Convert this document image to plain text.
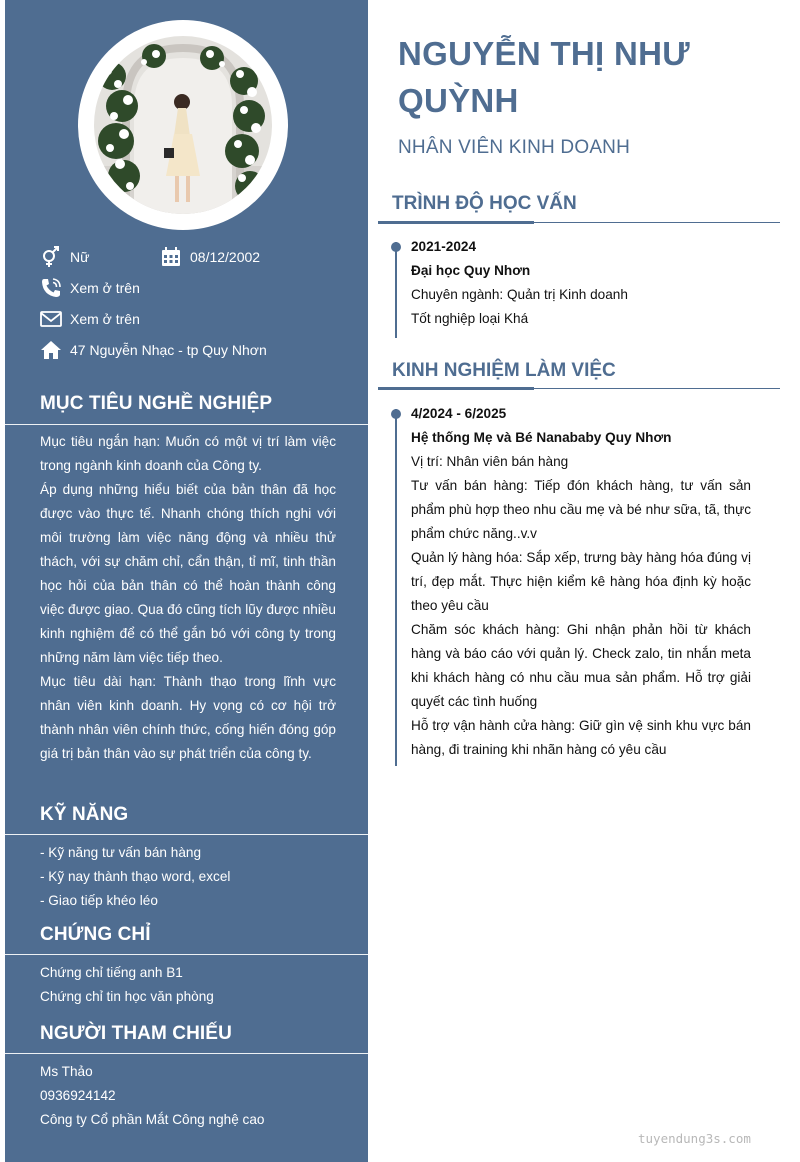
Nữ	08/12/2002
Xem ở trên
Xem ở trên
47 Nguyễn Nhạc - tp Quy Nhơn
MỤC TIÊU NGHỀ NGHIỆP

Mục tiêu ngắn hạn: Muốn có một vị trí làm việc trong ngành kinh doanh của Công ty.

Áp dụng những hiểu biết của bản thân đã học được vào thực tế. Nhanh chóng thích nghi với môi trường làm việc năng động và nhiều thử thách, với sự chăm chỉ, cẩn thận, tỉ mĩ, tinh thần học hỏi của bản thân có thể hoàn thành công việc được giao. Qua đó cũng tích lũy được nhiều kinh nghiệm để có thể gắn bó với công ty trong những năm làm việc tiếp theo.

Mục tiêu dài hạn: Thành thạo trong lĩnh vực nhân viên kinh doanh. Hy vọng có cơ hội trở thành nhân viên chính thức, cống hiến đóng góp giá trị bản thân vào sự phát triển của công ty.

KỸ NĂNG
- Kỹ năng tư vấn bán hàng
- Kỹ nay thành thạo word, excel
- Giao tiếp khéo léo
CHỨNG CHỈ
Chứng chỉ tiếng anh B1
Chứng chỉ tin học văn phòng
NGƯỜI THAM CHIẾU
Ms Thảo
0936924142
Công ty Cổ phần Mắt Công nghệ cao
NGUYỄN THỊ NHƯ QUỲNH
NHÂN VIÊN KINH DOANH
TRÌNH ĐỘ HỌC VẤN

2021-2024

Đại học Quy Nhơn

Chuyên ngành: Quản trị Kinh doanh

Tốt nghiệp loại Khá

KINH NGHIỆM LÀM VIỆC

4/2024 - 6/2025

Hệ thống Mẹ và Bé Nanababy Quy Nhơn

Vị trí: Nhân viên bán hàng

Tư vấn bán hàng: Tiếp đón khách hàng, tư vấn sản phẩm phù hợp theo nhu cầu mẹ và bé như sữa, tã, thực phẩm chức năng..v.v

Quản lý hàng hóa: Sắp xếp, trưng bày hàng hóa đúng vị trí, đẹp mắt. Thực hiện kiểm kê hàng hóa định kỳ hoặc theo yêu cầu

Chăm sóc khách hàng: Ghi nhận phản hồi từ khách hàng và báo cáo với quản lý. Check zalo, tin nhắn meta khi khách hàng có nhu cầu mua sản phẩm. Hỗ trợ giải quyết các tình huống

Hỗ trợ vận hành cửa hàng: Giữ gìn vệ sinh khu vực bán hàng, đi training khi nhãn hàng có yêu cầu

tuyendung3s.com
